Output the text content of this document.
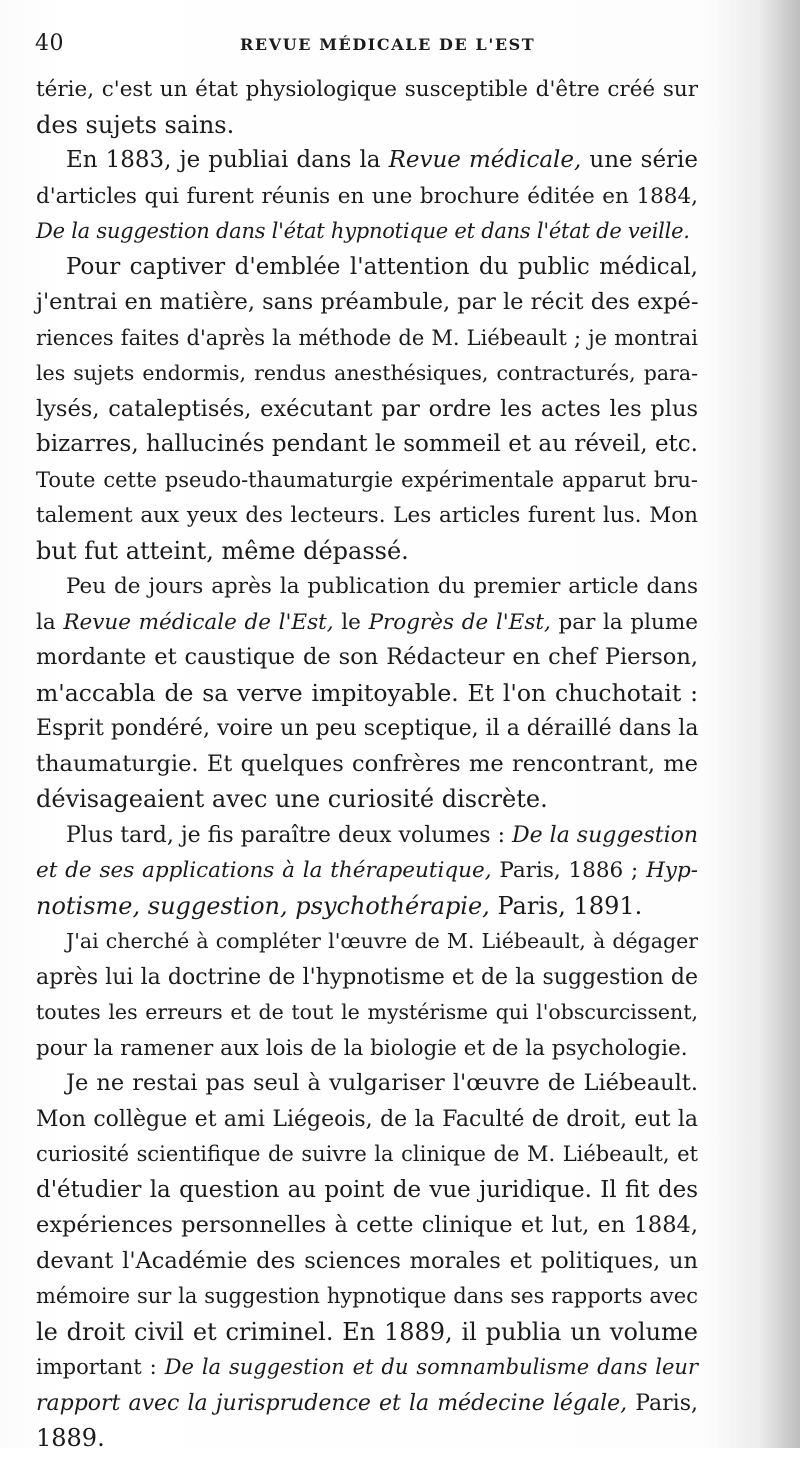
40	REVUE MÉDICALE DE L'EST
térie, c'est un état physiologique susceptible d'être créé sur
des sujets sains.
En 1883, je publiai dans la Revue médicale, une série
d'articles qui furent réunis en une brochure éditée en 1884,
De la suggestion dans l'état hypnotique et dans l'état de veille.
Pour captiver d'emblée l'attention du public médical,
j'entrai en matière, sans préambule, par le récit des expé-
riences faites d'après la méthode de M. Liébeault ; je montrai
les sujets endormis, rendus anesthésiques, contracturés, para-
lysés, cataleptisés, exécutant par ordre les actes les plus
bizarres, hallucinés pendant le sommeil et au réveil, etc.
Toute cette pseudo-thaumaturgie expérimentale apparut bru-
talement aux yeux des lecteurs. Les articles furent lus. Mon
but fut atteint, même dépassé.
Peu de jours après la publication du premier article dans
la Revue médicale de l'Est, le Progrès de l'Est, par la plume
mordante et caustique de son Rédacteur en chef Pierson,
m'accabla de sa verve impitoyable. Et l'on chuchotait :
Esprit pondéré, voire un peu sceptique, il a déraillé dans la
thaumaturgie. Et quelques confrères me rencontrant, me
dévisageaient avec une curiosité discrète.
Plus tard, je fis paraître deux volumes : De la suggestion
et de ses applications à la thérapeutique, Paris, 1886 ; Hyp-
notisme, suggestion, psychothérapie, Paris, 1891.
J'ai cherché à compléter l'œuvre de M. Liébeault, à dégager
après lui la doctrine de l'hypnotisme et de la suggestion de
toutes les erreurs et de tout le mystérisme qui l'obscurcissent,
pour la ramener aux lois de la biologie et de la psychologie.
Je ne restai pas seul à vulgariser l'œuvre de Liébeault.
Mon collègue et ami Liégeois, de la Faculté de droit, eut la
curiosité scientifique de suivre la clinique de M. Liébeault, et
d'étudier la question au point de vue juridique. Il fit des
expériences personnelles à cette clinique et lut, en 1884,
devant l'Académie des sciences morales et politiques, un
mémoire sur la suggestion hypnotique dans ses rapports avec
le droit civil et criminel. En 1889, il publia un volume
important : De la suggestion et du somnambulisme dans leur
rapport avec la jurisprudence et la médecine légale, Paris,
1889.
